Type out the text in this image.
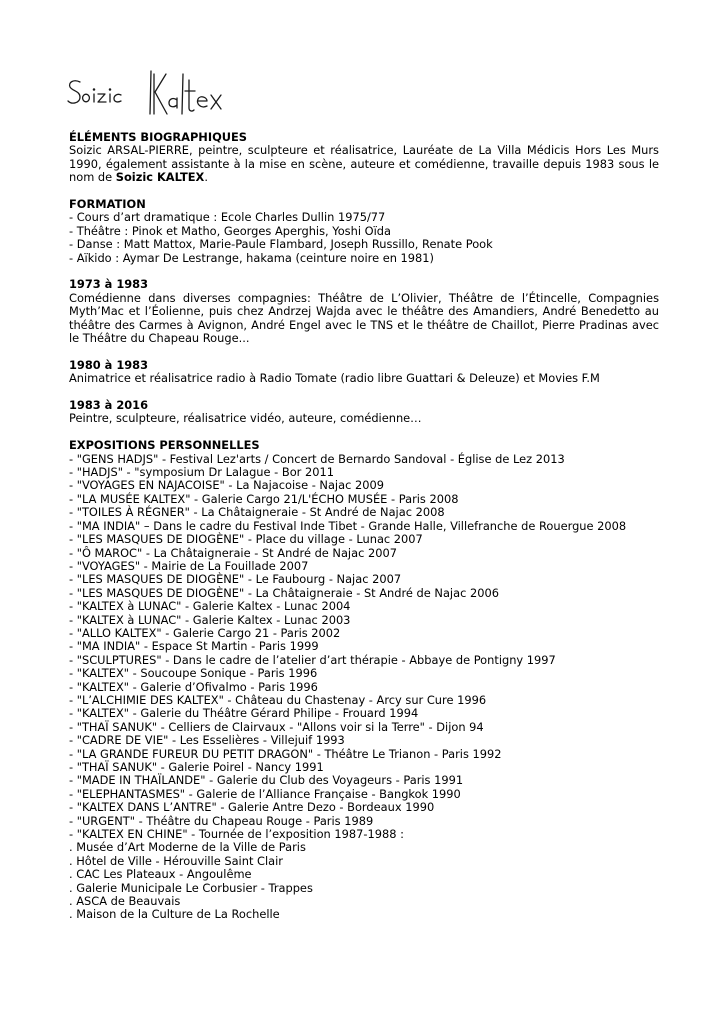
ÉLÉMENTS BIOGRAPHIQUES

Soizic ARSAL-PIERRE, peintre, sculpteure et réalisatrice, Lauréate de La Villa Médicis Hors Les Murs 1990, également assistante à la mise en scène, auteure et comédienne, travaille depuis 1983 sous le nom de Soizic KALTEX.

FORMATION

- Cours d’art dramatique : Ecole Charles Dullin 1975/77
- Théâtre : Pinok et Matho, Georges Aperghis, Yoshi Oïda
- Danse : Matt Mattox, Marie-Paule Flambard, Joseph Russillo, Renate Pook
- Aïkido : Aymar De Lestrange, hakama (ceinture noire en 1981)

1973 à 1983

Comédienne dans diverses compagnies: Théâtre de L’Olivier, Théâtre de l’Étincelle, Compagnies Myth’Mac et l’Éolienne, puis chez Andrzej Wajda avec le théâtre des Amandiers, André Benedetto au théâtre des Carmes à Avignon, André Engel avec le TNS et le théâtre de Chaillot, Pierre Pradinas avec le Théâtre du Chapeau Rouge...

1980 à 1983

Animatrice et réalisatrice radio à Radio Tomate (radio libre Guattari & Deleuze) et Movies F.M

1983 à 2016

Peintre, sculpteure, réalisatrice vidéo, auteure, comédienne…

EXPOSITIONS PERSONNELLES

- "GENS HADJS" - Festival Lez'arts / Concert de Bernardo Sandoval - Église de Lez 2013
- "HADJS" - "symposium Dr Lalague - Bor 2011
- "VOYAGES EN NAJACOISE" - La Najacoise - Najac 2009
- "LA MUSÉE KALTEX" - Galerie Cargo 21/L'ÉCHO MUSÉE - Paris 2008
- "TOILES À RÉGNER" - La Châtaigneraie - St André de Najac 2008
- "MA INDIA" – Dans le cadre du Festival Inde Tibet - Grande Halle, Villefranche de Rouergue 2008
- "LES MASQUES DE DIOGÈNE" - Place du village - Lunac 2007
- "Ô MAROC" - La Châtaigneraie - St André de Najac 2007
- "VOYAGES" - Mairie de La Fouillade 2007
- "LES MASQUES DE DIOGÈNE" - Le Faubourg - Najac 2007
- "LES MASQUES DE DIOGÈNE" - La Châtaigneraie - St André de Najac 2006
- "KALTEX à LUNAC" - Galerie Kaltex - Lunac 2004
- "KALTEX à LUNAC" - Galerie Kaltex - Lunac 2003
- "ALLO KALTEX" - Galerie Cargo 21 - Paris 2002
- "MA INDIA" - Espace St Martin - Paris 1999
- "SCULPTURES" - Dans le cadre de l’atelier d’art thérapie - Abbaye de Pontigny 1997
- "KALTEX" - Soucoupe Sonique - Paris 1996
- "KALTEX" - Galerie d’Ofivalmo - Paris 1996
- "L’ALCHIMIE DES KALTEX" - Château du Chastenay - Arcy sur Cure 1996
- "KALTEX" - Galerie du Théâtre Gérard Philipe - Frouard 1994
- "THAÏ SANUK" - Celliers de Clairvaux - "Allons voir si la Terre" - Dijon 94
- "CADRE DE VIE" - Les Esselières - Villejuif 1993
- "LA GRANDE FUREUR DU PETIT DRAGON" - Théâtre Le Trianon - Paris 1992
- "THAÏ SANUK" - Galerie Poirel - Nancy 1991
- "MADE IN THAÏLANDE" - Galerie du Club des Voyageurs - Paris 1991
- "ELEPHANTASMES" - Galerie de l’Alliance Française - Bangkok 1990
- "KALTEX DANS L’ANTRE" - Galerie Antre Dezo - Bordeaux 1990
- "URGENT" - Théâtre du Chapeau Rouge - Paris 1989
- "KALTEX EN CHINE" - Tournée de l’exposition 1987-1988 :
. Musée d’Art Moderne de la Ville de Paris
. Hôtel de Ville - Hérouville Saint Clair
. CAC Les Plateaux - Angoulême
. Galerie Municipale Le Corbusier - Trappes
. ASCA de Beauvais
. Maison de la Culture de La Rochelle
